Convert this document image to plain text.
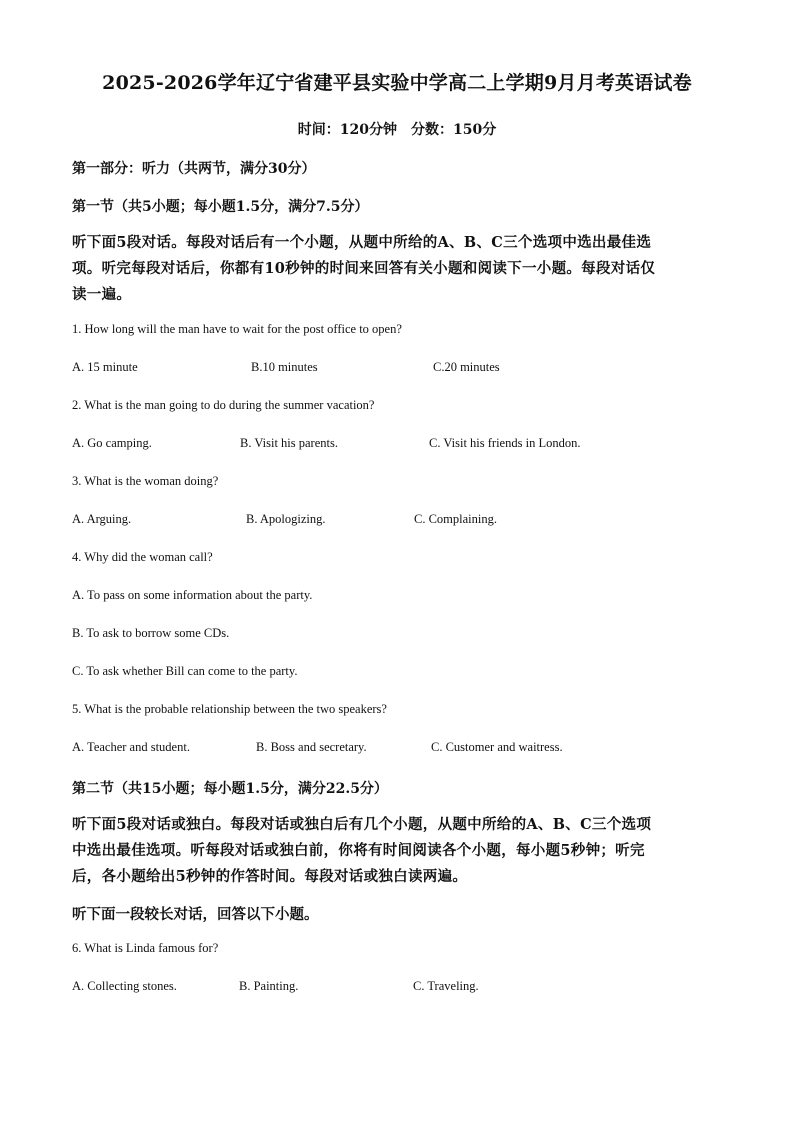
2025-2026学年辽宁省建平县实验中学高二上学期9月月考英语试卷
时间：120分钟　分数：150分
第一部分：听力（共两节，满分30分）
第一节（共5小题；每小题1.5分，满分7.5分）
听下面5段对话。每段对话后有一个小题，从题中所给的A、B、C三个选项中选出最佳选
项。听完每段对话后，你都有10秒钟的时间来回答有关小题和阅读下一小题。每段对话仅
读一遍。
1. How long will the man have to wait for the post office to open?
A. 15 minute	B.10 minutes	C.20 minutes
2. What is the man going to do during the summer vacation?
A. Go camping.	B. Visit his parents.	C. Visit his friends in London.
3. What is the woman doing?
A. Arguing.	B. Apologizing.	C. Complaining.
4. Why did the woman call?
A. To pass on some information about the party.
B. To ask to borrow some CDs.
C. To ask whether Bill can come to the party.
5. What is the probable relationship between the two speakers?
A. Teacher and student.	B. Boss and secretary.	C. Customer and waitress.
第二节（共15小题；每小题1.5分，满分22.5分）
听下面5段对话或独白。每段对话或独白后有几个小题，从题中所给的A、B、C三个选项
中选出最佳选项。听每段对话或独白前，你将有时间阅读各个小题，每小题5秒钟；听完
后，各小题给出5秒钟的作答时间。每段对话或独白读两遍。
听下面一段较长对话，回答以下小题。
6. What is Linda famous for?
A. Collecting stones.	B. Painting.	C. Traveling.
